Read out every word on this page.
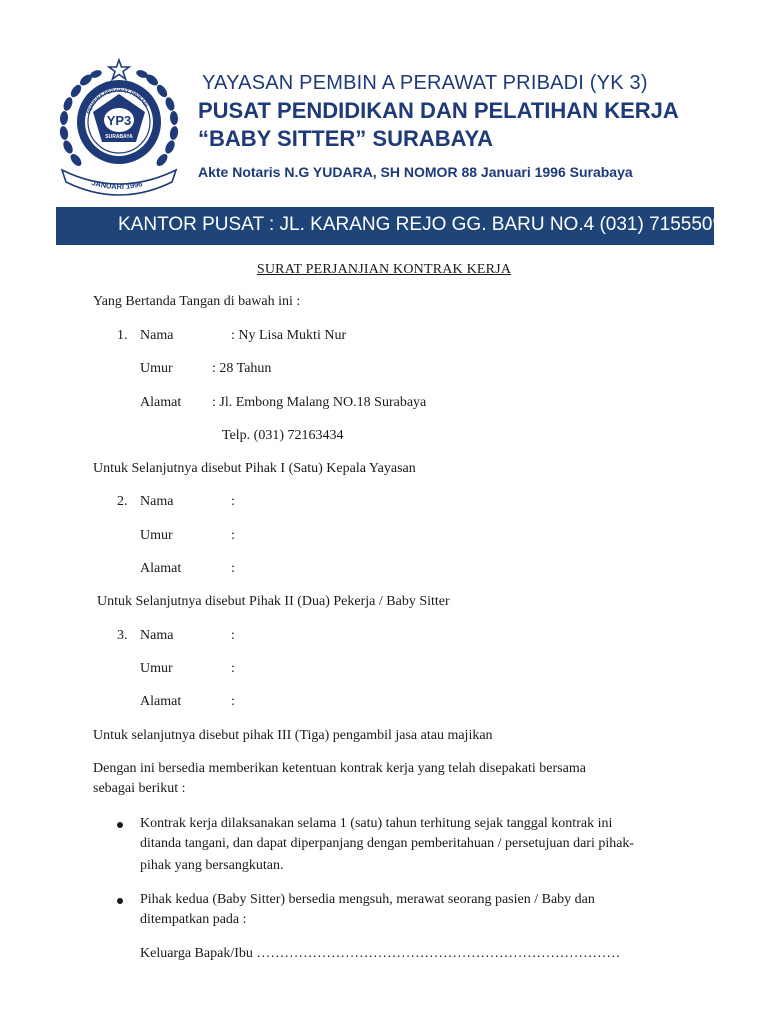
YP3
SURABAYA
PEMBINA PERAWAT PRIBADI
JANUARI 1996
YAYASAN PEMBIN A PERAWAT PRIBADI (YK 3)
PUSAT PENDIDIKAN DAN PELATIHAN KERJA
“BABY SITTER” SURABAYA
Akte Notaris N.G YUDARA, SH NOMOR 88 Januari 1996 Surabaya
KANTOR PUSAT : JL. KARANG REJO GG. BARU NO.4 (031) 71555096.
SURAT PERJANJIAN KONTRAK KERJA
Yang Bertanda Tangan di bawah ini :
1. Nama	: Ny Lisa Mukti Nur
Umur	: 28 Tahun
Alamat : Jl. Embong Malang NO.18 Surabaya
Telp. (031) 72163434
Untuk Selanjutnya disebut Pihak I (Satu) Kepala Yayasan
2. Nama	:
Umur	:
Alamat	:
Untuk Selanjutnya disebut Pihak II (Dua) Pekerja / Baby Sitter
3. Nama	:
Umur	:
Alamat	:
Untuk selanjutnya disebut pihak III (Tiga) pengambil jasa atau majikan
Dengan ini bersedia memberikan ketentuan kontrak kerja yang telah disepakati bersama
sebagai berikut :
Kontrak kerja dilaksanakan selama 1 (satu) tahun terhitung sejak tanggal kontrak ini
ditanda tangani, dan dapat diperpanjang dengan pemberitahuan / persetujuan dari pihak-
pihak yang bersangkutan.
Pihak kedua (Baby Sitter) bersedia mengsuh, merawat seorang pasien / Baby dan
ditempatkan pada :
Keluarga Bapak/Ibu ……………………………………………………………………
